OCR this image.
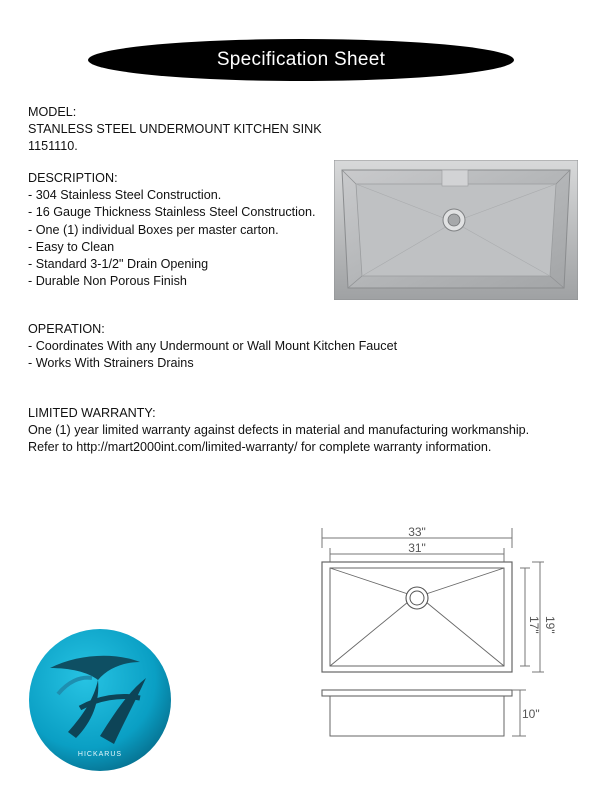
Specification Sheet
MODEL:
STANLESS STEEL UNDERMOUNT KITCHEN SINK
1151110.
DESCRIPTION:
- 304 Stainless Steel Construction.
- 16 Gauge Thickness Stainless Steel Construction.
- One (1) individual Boxes per master carton.
- Easy to Clean
- Standard 3-1/2" Drain Opening
- Durable Non Porous Finish
OPERATION:
- Coordinates With any Undermount or Wall Mount Kitchen Faucet
- Works With Strainers Drains
LIMITED WARRANTY:
One (1) year limited warranty against defects in material and manufacturing workmanship.
Refer to http://mart2000int.com/limited-warranty/ for complete warranty information.
33"
31"
17" 19"
10"
HICKARUS
